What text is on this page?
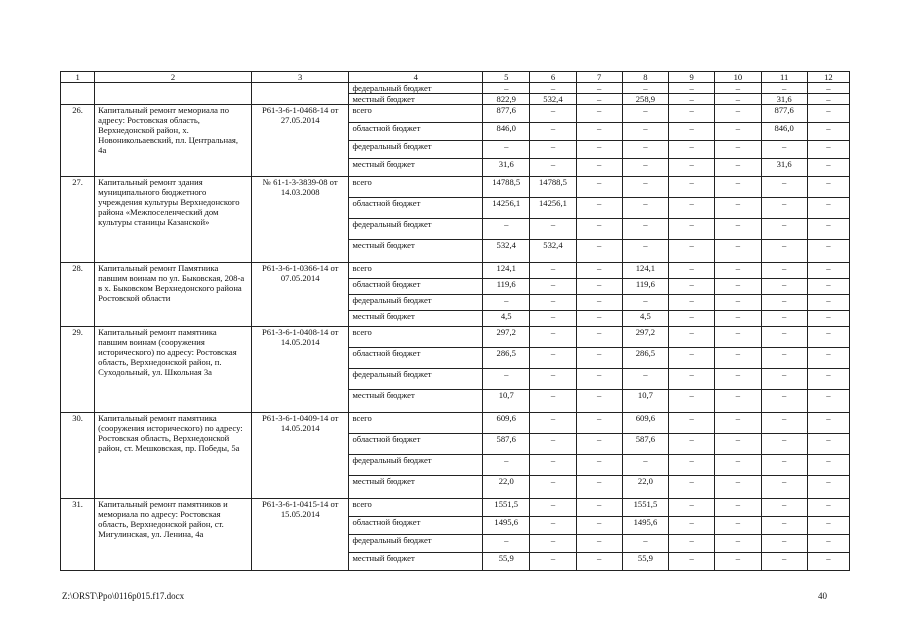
1	2	3	4	5	6	7	8	9	10	11	12
			федеральный бюджет	–	–	–	–	–	–	–	–
			местный бюджет	822,9	532,4	–	258,9	–	–	31,6	–
26.	Капитальный ремонт мемориала по адресу: Ростовская область, Верхнедонской район, х. Новоникольаевский, пл. Центральная, 4а	Р61-3-6-1-0468-14 от 27.05.2014	всего	877,6	–	–	–	–	–	877,6	–
			областной бюджет	846,0	–	–	–	–	–	846,0	–
			федеральный бюджет	–	–	–	–	–	–	–	–
			местный бюджет	31,6	–	–	–	–	–	31,6	–
27.	Капитальный ремонт здания муниципального бюджетного учреждения культуры Верхнедонского района «Межпоселенческий дом культуры станицы Казанской»	№ 61-1-3-3839-08 от 14.03.2008	всего	14788,5	14788,5	–	–	–	–	–	–
			областной бюджет	14256,1	14256,1	–	–	–	–	–	–
			федеральный бюджет	–	–	–	–	–	–	–	–
			местный бюджет	532,4	532,4	–	–	–	–	–	–
28.	Капитальный ремонт Памятника павшим воинам по ул. Быковская, 208-а в х. Быковском Верхнедонского района Ростовской области	Р61-3-6-1-0366-14 от 07.05.2014	всего	124,1	–	–	124,1	–	–	–	–
			областной бюджет	119,6	–	–	119,6	–	–	–	–
			федеральный бюджет	–	–	–	–	–	–	–	–
			местный бюджет	4,5	–	–	4,5	–	–	–	–
29.	Капитальный ремонт памятника павшим воинам (сооружения исторического) по адресу: Ростовская область, Верхнедонской район, п. Суходольный, ул. Школьная 3а	Р61-3-6-1-0408-14 от 14.05.2014	всего	297,2	–	–	297,2	–	–	–	–
			областной бюджет	286,5	–	–	286,5	–	–	–	–
			федеральный бюджет	–	–	–	–	–	–	–	–
			местный бюджет	10,7	–	–	10,7	–	–	–	–
30.	Капитальный ремонт памятника (сооружения исторического) по адресу: Ростовская область, Верхнедонской район, ст. Мешковская, пр. Победы, 5а	Р61-3-6-1-0409-14 от 14.05.2014	всего	609,6	–	–	609,6	–	–	–	–
			областной бюджет	587,6	–	–	587,6	–	–	–	–
			федеральный бюджет	–	–	–	–	–	–	–	–
			местный бюджет	22,0	–	–	22,0	–	–	–	–
31.	Капитальный ремонт памятников и мемориала по адресу: Ростовская область, Верхнедонской район, ст. Мигулинская, ул. Ленина, 4а	Р61-3-6-1-0415-14 от 15.05.2014	всего	1551,5	–	–	1551,5	–	–	–	–
			областной бюджет	1495,6	–	–	1495,6	–	–	–	–
			федеральный бюджет	–	–	–	–	–	–	–	–
			местный бюджет	55,9	–	–	55,9	–	–	–	–
Z:\ORST\Ppo\0116p015.f17.docx	40
